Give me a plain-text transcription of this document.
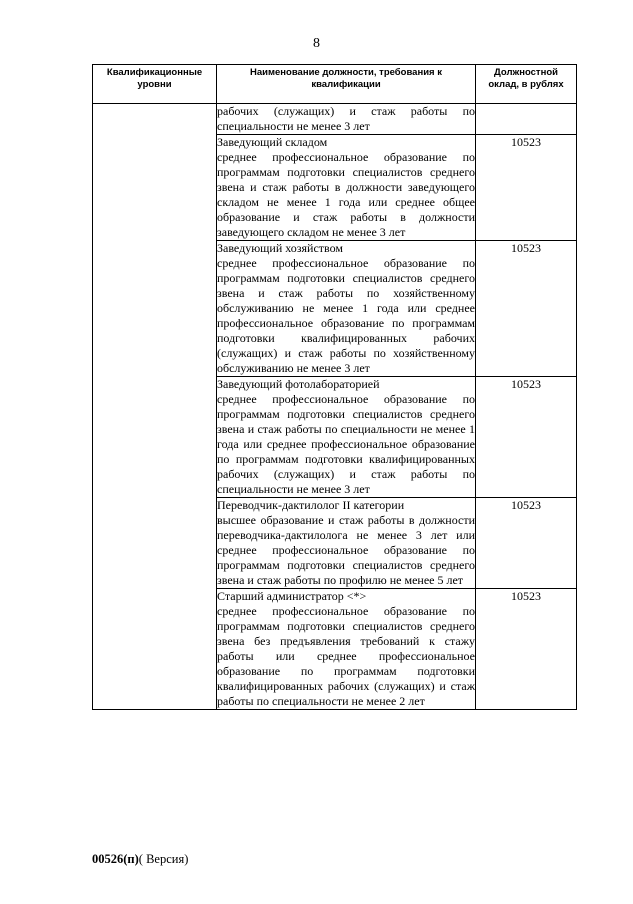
8
Квалификационные уровни	Наименование должности, требования к квалификации	Должностной оклад, в рублях

	рабочих (служащих) и стаж работы по специальности не менее 3 лет	

	Заведующий складом
среднее профессиональное образование по программам подготовки специалистов среднего звена и стаж работы в должности заведующего складом не менее 1 года или среднее общее образование и стаж работы в должности заведующего складом не менее 3 лет	10523

	Заведующий хозяйством
среднее профессиональное образование по программам подготовки специалистов среднего звена и стаж работы по хозяйственному обслуживанию не менее 1 года или среднее профессиональное образование по программам подготовки квалифицированных рабочих (служащих) и стаж работы по хозяйственному обслуживанию не менее 3 лет	10523

	Заведующий фотолабораторией
среднее профессиональное образование по программам подготовки специалистов среднего звена и стаж работы по специальности не менее 1 года или среднее профессиональное образование по программам подготовки квалифицированных рабочих (служащих) и стаж работы по специальности не менее 3 лет	10523

	Переводчик-дактилолог II категории
высшее образование и стаж работы в должности переводчика-дактилолога не менее 3 лет или среднее профессиональное образование по программам подготовки специалистов среднего звена и стаж работы по профилю не менее 5 лет	10523

	Старший администратор <*>
среднее профессиональное образование по программам подготовки специалистов среднего звена без предъявления требований к стажу работы или среднее профессиональное образование по программам подготовки квалифицированных рабочих (служащих) и стаж работы по специальности не менее 2 лет	10523
00526(п)( Версия)
